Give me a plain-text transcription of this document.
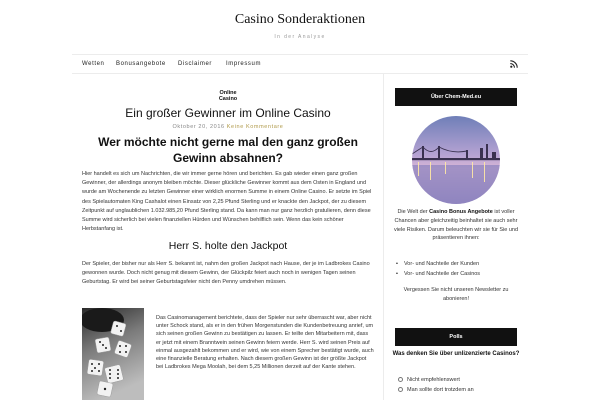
Casino Sonderaktionen
In der Analyse
Wetten Bonusangebote Disclaimer Impressum
Online
Casino
Ein großer Gewinner im Online Casino
Oktober 20, 2016 Keine Kommentare
Wer möchte nicht gerne mal den ganz großen Gewinn absahnen?

Hier handelt es sich um Nachrichten, die wir immer gerne hören und berichten. Es gab wieder einen ganz großen Gewinner, der allerdings anonym bleiben möchte. Dieser glückliche Gewinner kommt aus dem Osten in England und wurde am Wochenende zu letzten Gewinner einer wirklich enormen Summe in einem Online Casino. Er setzte im Spiel des Spielautomaten King Cashalot einen Einsatz von 2,25 Pfund Sterling und er knackte den Jackpot, der zu diesem Zeitpunkt auf unglaublichen 1.032.985,20 Pfund Sterling stand. Da kann man nur ganz herzlich gratulieren, denn diese Summe wird sicherlich bei vielen finanziellen Hürden und Wünschen behilflich sein. Wenn das kein schöner Herbstanfang ist.

Herr S. holte den Jackpot

Der Spieler, der bisher nur als Herr S. bekannt ist, nahm den großen Jackpot nach Hause, der je im Ladbrokes Casino gewonnen wurde. Doch nicht genug mit diesem Gewinn, der Glückpilz feiert auch noch in wenigen Tagen seinen Geburtstag. Er wird bei seiner Geburtstagsfeier nicht den Penny umdrehen müssen.

Das Casinomanagement berichtete, dass der Spieler nur sehr überrascht war, aber nicht unter Schock stand, als er in den frühen Morgenstunden die Kundenbetreuung anrief, um sich seinen großen Gewinn zu bestätigen zu lassen. Er teilte den Mitarbeitern mit, dass er jetzt mit einem Branntwein seinen Gewinn feiern werde. Herr S. wird seinen Preis auf einmal ausgezahlt bekommen und er wird, wie von einem Sprecher bestätigt wurde, auch eine finanzielle Beratung erhalten. Nach diesem großen Gewinn ist der größte Jackpot bei Ladbrokes Mega Moolah, bei dem 5,25 Millionen derzeit auf der Kante stehen.

Über Chem-Med.eu

Die Welt der Casino Bonus Angebote ist voller Chancen aber gleichzeitig beinhaltet sie auch sehr viele Risiken. Darum beleuchten wir sie für Sie und präsentieren ihnen:

• Vor- und Nachteile der Kunden
• Vor- und Nachteile der Casinos

Vergessen Sie nicht unseren Newsletter zu abonieren!

Polls
Was denken Sie über unlizenzierte Casinos?
Nicht empfehlenswert
Man sollte dort trotzdem an
